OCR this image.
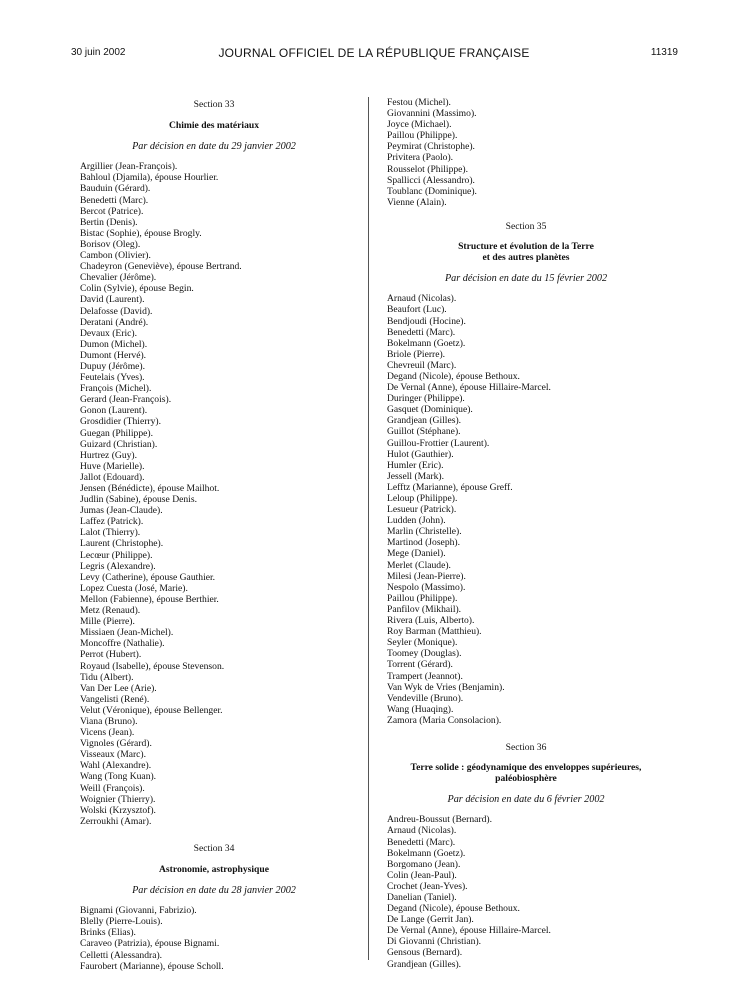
30 juin 2002	JOURNAL OFFICIEL DE LA RÉPUBLIQUE FRANÇAISE	11319
Section 33
Chimie des matériaux
Par décision en date du 29 janvier 2002
Argillier (Jean-François).
Bahloul (Djamila), épouse Hourlier.
Bauduin (Gérard).
Benedetti (Marc).
Bercot (Patrice).
Bertin (Denis).
Bistac (Sophie), épouse Brogly.
Borisov (Oleg).
Cambon (Olivier).
Chadeyron (Geneviève), épouse Bertrand.
Chevalier (Jérôme).
Colin (Sylvie), épouse Begin.
David (Laurent).
Delafosse (David).
Deratani (André).
Devaux (Eric).
Dumon (Michel).
Dumont (Hervé).
Dupuy (Jérôme).
Feutelais (Yves).
François (Michel).
Gerard (Jean-François).
Gonon (Laurent).
Grosdidier (Thierry).
Guegan (Philippe).
Guizard (Christian).
Hurtrez (Guy).
Huve (Marielle).
Jallot (Edouard).
Jensen (Bénédicte), épouse Mailhot.
Judlin (Sabine), épouse Denis.
Jumas (Jean-Claude).
Laffez (Patrick).
Lalot (Thierry).
Laurent (Christophe).
Lecœur (Philippe).
Legris (Alexandre).
Levy (Catherine), épouse Gauthier.
Lopez Cuesta (José, Marie).
Mellon (Fabienne), épouse Berthier.
Metz (Renaud).
Mille (Pierre).
Missiaen (Jean-Michel).
Moncoffre (Nathalie).
Perrot (Hubert).
Royaud (Isabelle), épouse Stevenson.
Tidu (Albert).
Van Der Lee (Arie).
Vangelisti (René).
Velut (Véronique), épouse Bellenger.
Viana (Bruno).
Vicens (Jean).
Vignoles (Gérard).
Visseaux (Marc).
Wahl (Alexandre).
Wang (Tong Kuan).
Weill (François).
Woignier (Thierry).
Wolski (Krzysztof).
Zerroukhi (Amar).
Section 34
Astronomie, astrophysique
Par décision en date du 28 janvier 2002
Bignami (Giovanni, Fabrizio).
Blelly (Pierre-Louis).
Brinks (Elias).
Caraveo (Patrizia), épouse Bignami.
Celletti (Alessandra).
Faurobert (Marianne), épouse Scholl.
Festou (Michel).
Giovannini (Massimo).
Joyce (Michael).
Paillou (Philippe).
Peymirat (Christophe).
Privitera (Paolo).
Rousselot (Philippe).
Spallicci (Alessandro).
Toublanc (Dominique).
Vienne (Alain).
Section 35
Structure et évolution de la Terre
et des autres planètes
Par décision en date du 15 février 2002
Arnaud (Nicolas).
Beaufort (Luc).
Bendjoudi (Hocine).
Benedetti (Marc).
Bokelmann (Goetz).
Briole (Pierre).
Chevreuil (Marc).
Degand (Nicole), épouse Bethoux.
De Vernal (Anne), épouse Hillaire-Marcel.
Duringer (Philippe).
Gasquet (Dominique).
Grandjean (Gilles).
Guillot (Stéphane).
Guillou-Frottier (Laurent).
Hulot (Gauthier).
Humler (Eric).
Jessell (Mark).
Lefftz (Marianne), épouse Greff.
Leloup (Philippe).
Lesueur (Patrick).
Ludden (John).
Marlin (Christelle).
Martinod (Joseph).
Mege (Daniel).
Merlet (Claude).
Milesi (Jean-Pierre).
Nespolo (Massimo).
Paillou (Philippe).
Panfilov (Mikhail).
Rivera (Luis, Alberto).
Roy Barman (Matthieu).
Seyler (Monique).
Toomey (Douglas).
Torrent (Gérard).
Trampert (Jeannot).
Van Wyk de Vries (Benjamin).
Vendeville (Bruno).
Wang (Huaqing).
Zamora (Maria Consolacion).
Section 36
Terre solide : géodynamique des enveloppes supérieures,
paléobiosphère
Par décision en date du 6 février 2002
Andreu-Boussut (Bernard).
Arnaud (Nicolas).
Benedetti (Marc).
Bokelmann (Goetz).
Borgomano (Jean).
Colin (Jean-Paul).
Crochet (Jean-Yves).
Danelian (Taniel).
Degand (Nicole), épouse Bethoux.
De Lange (Gerrit Jan).
De Vernal (Anne), épouse Hillaire-Marcel.
Di Giovanni (Christian).
Gensous (Bernard).
Grandjean (Gilles).
